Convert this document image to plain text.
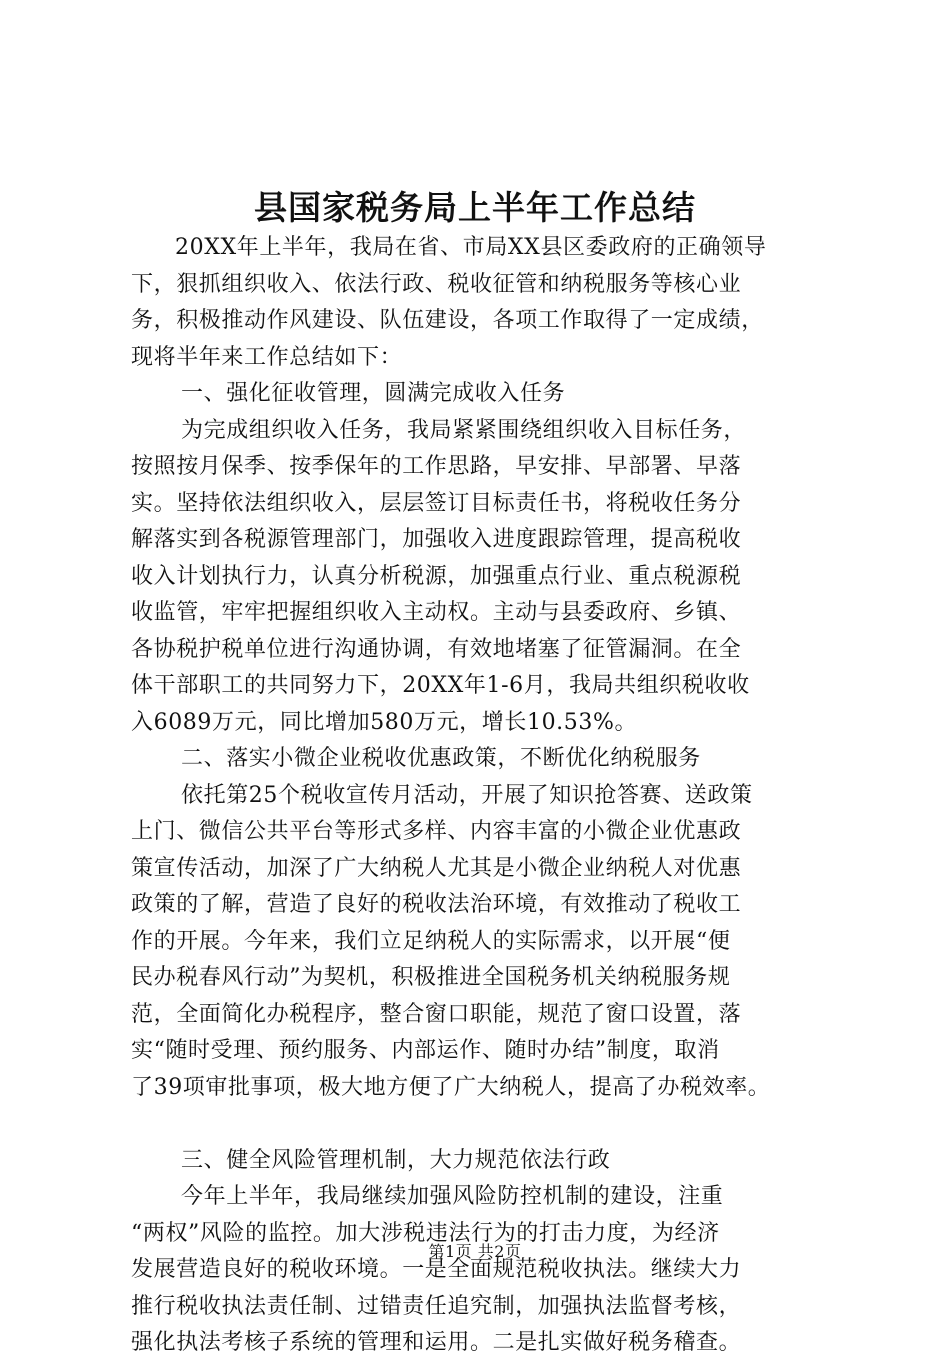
县国家税务局上半年工作总结
20XX年上半年，我局在省、市局XX县区委政府的正确领导
下，狠抓组织收入、依法行政、税收征管和纳税服务等核心业
务，积极推动作风建设、队伍建设，各项工作取得了一定成绩，
现将半年来工作总结如下：
一、强化征收管理，圆满完成收入任务
为完成组织收入任务，我局紧紧围绕组织收入目标任务，
按照按月保季、按季保年的工作思路，早安排、早部署、早落
实。坚持依法组织收入，层层签订目标责任书，将税收任务分
解落实到各税源管理部门，加强收入进度跟踪管理，提高税收
收入计划执行力，认真分析税源，加强重点行业、重点税源税
收监管，牢牢把握组织收入主动权。主动与县委政府、乡镇、
各协税护税单位进行沟通协调，有效地堵塞了征管漏洞。在全
体干部职工的共同努力下，20XX年1-6月，我局共组织税收收
入6089万元，同比增加580万元，增长10.53%。
二、落实小微企业税收优惠政策，不断优化纳税服务
依托第25个税收宣传月活动，开展了知识抢答赛、送政策
上门、微信公共平台等形式多样、内容丰富的小微企业优惠政
策宣传活动，加深了广大纳税人尤其是小微企业纳税人对优惠
政策的了解，营造了良好的税收法治环境，有效推动了税收工
作的开展。今年来，我们立足纳税人的实际需求，以开展“便
民办税春风行动”为契机，积极推进全国税务机关纳税服务规
范，全面简化办税程序，整合窗口职能，规范了窗口设置，落
实“随时受理、预约服务、内部运作、随时办结”制度，取消
了39项审批事项，极大地方便了广大纳税人，提高了办税效率。
三、健全风险管理机制，大力规范依法行政
今年上半年，我局继续加强风险防控机制的建设，注重
“两权”风险的监控。加大涉税违法行为的打击力度，为经济
发展营造良好的税收环境。一是全面规范税收执法。继续大力
推行税收执法责任制、过错责任追究制，加强执法监督考核，
强化执法考核子系统的管理和运用。二是扎实做好税务稽查。
第1页 共2页
